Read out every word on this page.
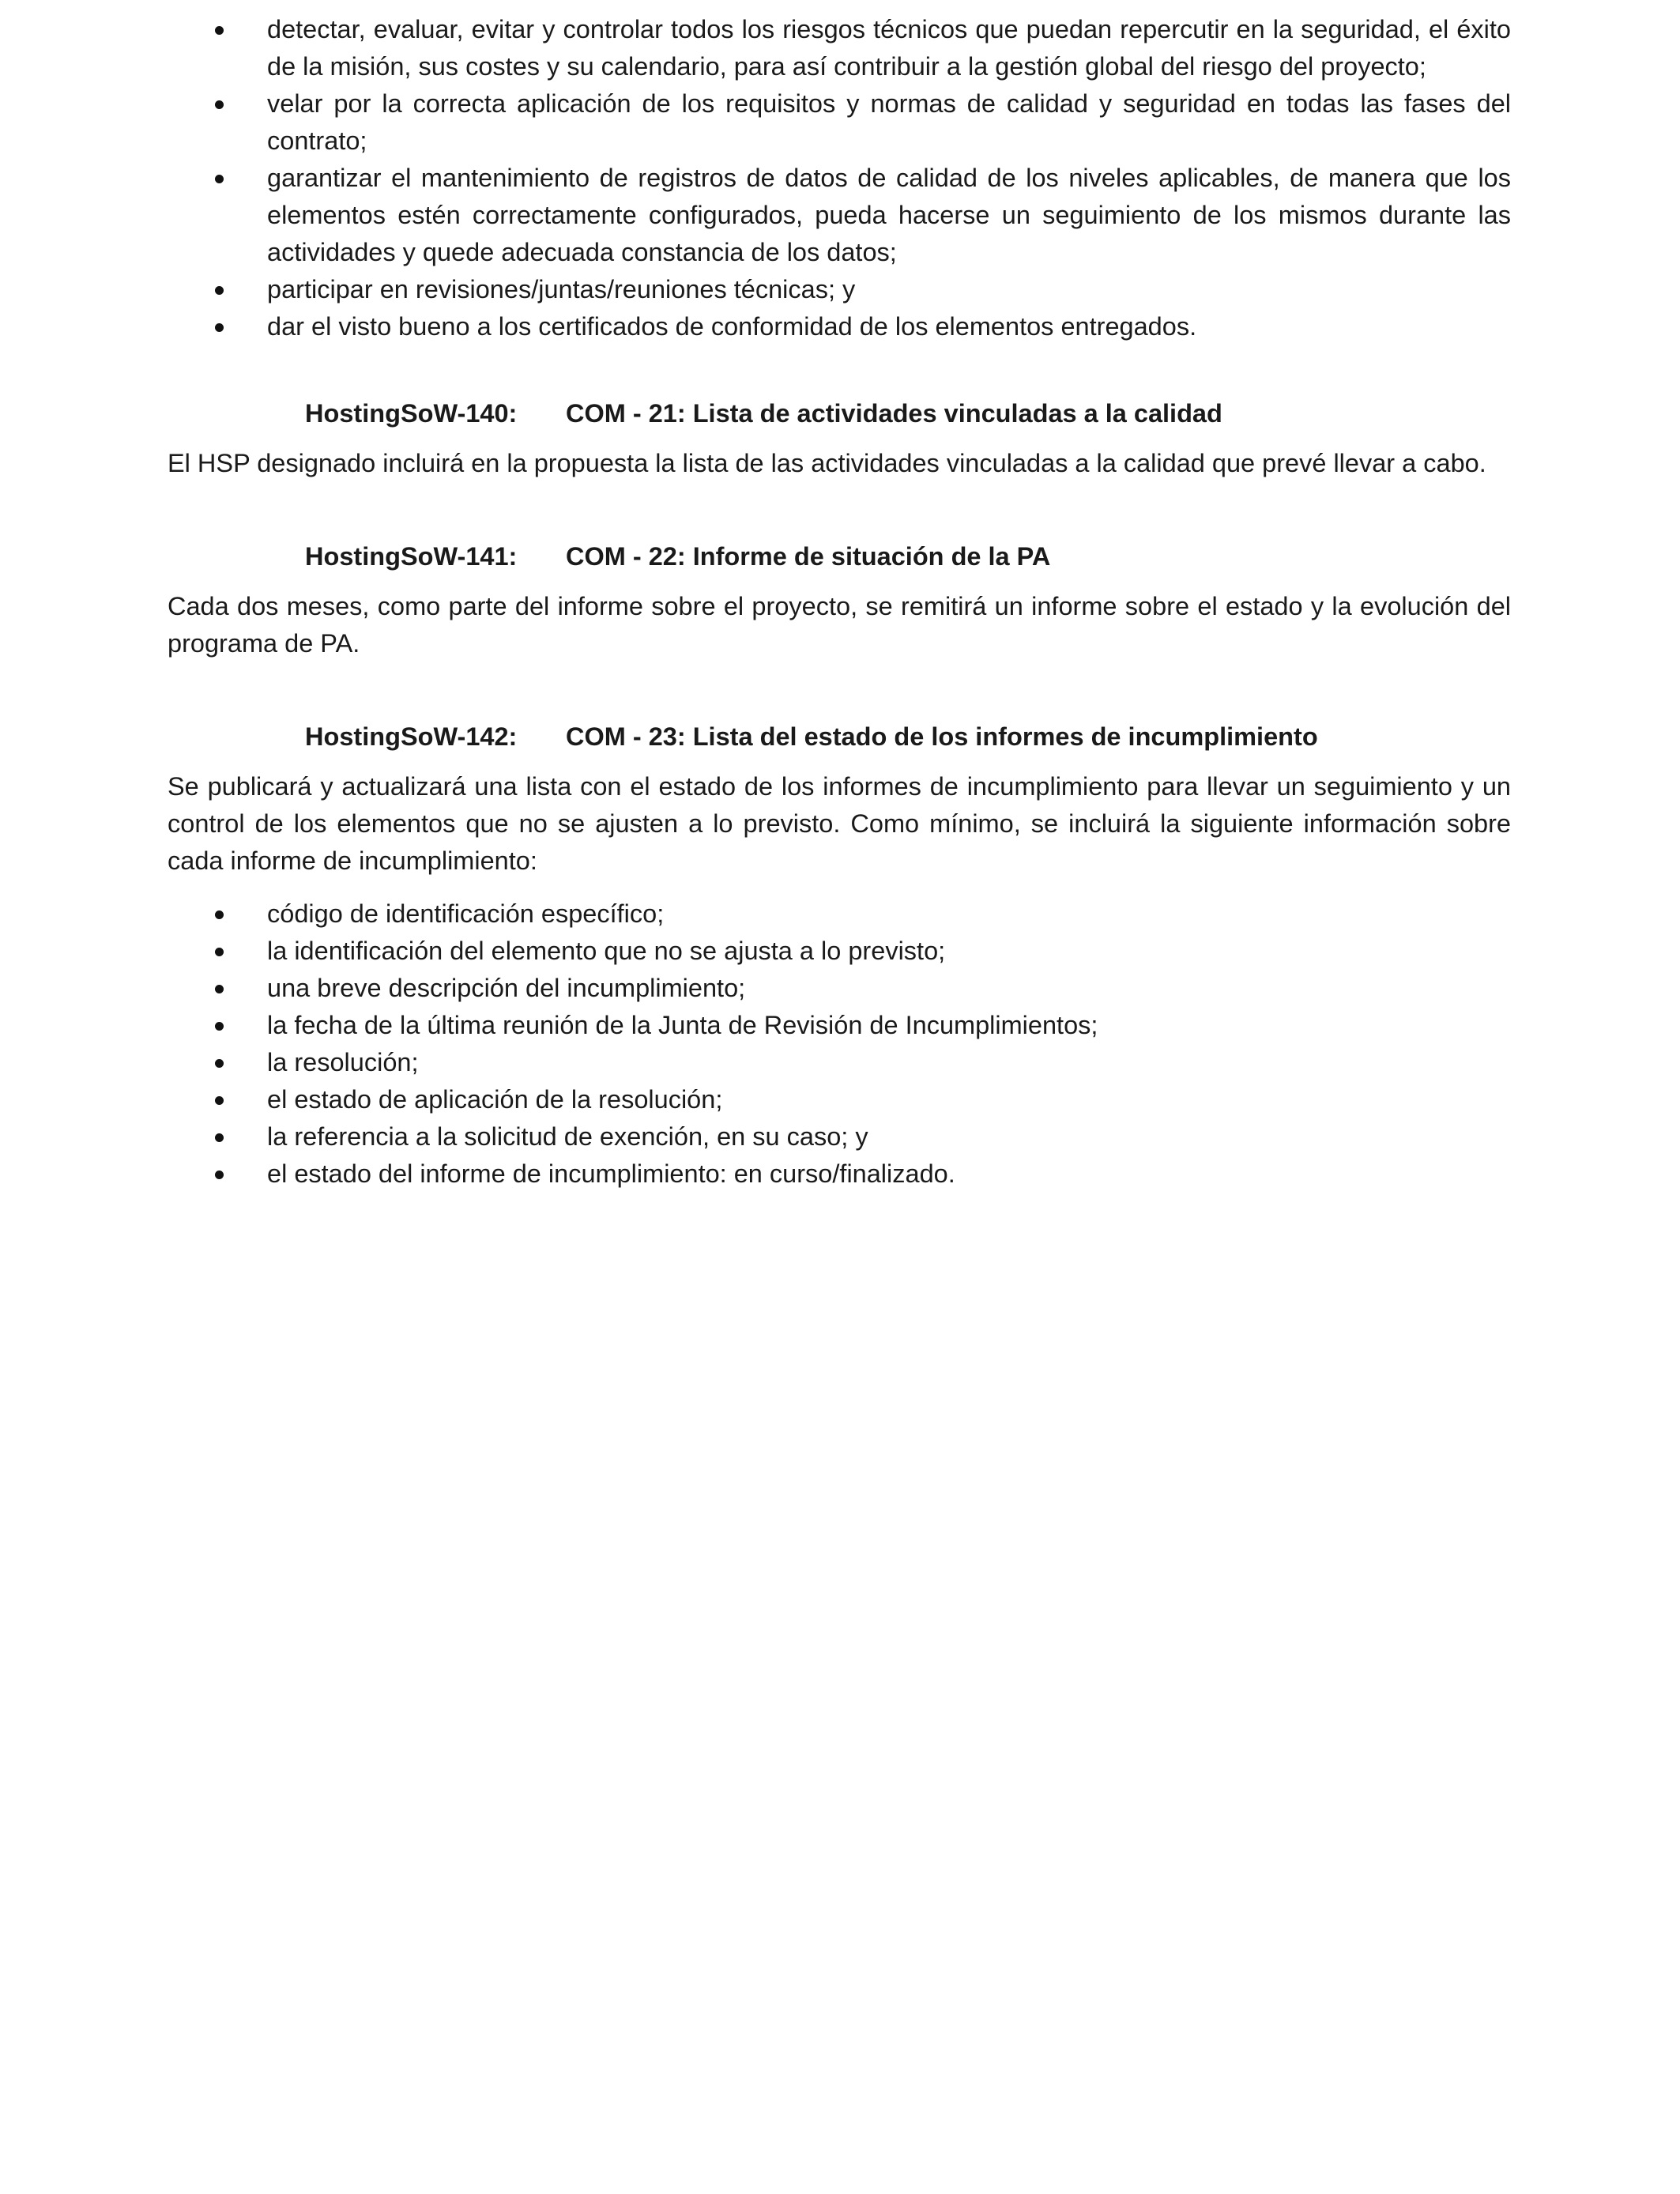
detectar, evaluar, evitar y controlar todos los riesgos técnicos que puedan repercutir en la seguridad, el éxito de la misión, sus costes y su calendario, para así contribuir a la gestión global del riesgo del proyecto;
velar por la correcta aplicación de los requisitos y normas de calidad y seguridad en todas las fases del contrato;
garantizar el mantenimiento de registros de datos de calidad de los niveles aplicables, de manera que los elementos estén correctamente configurados, pueda hacerse un seguimiento de los mismos durante las actividades y quede adecuada constancia de los datos;
participar en revisiones/juntas/reuniones técnicas; y
dar el visto bueno a los certificados de conformidad de los elementos entregados.
HostingSoW-140: COM - 21: Lista de actividades vinculadas a la calidad

El HSP designado incluirá en la propuesta la lista de las actividades vinculadas a la calidad que prevé llevar a cabo.

HostingSoW-141: COM - 22: Informe de situación de la PA

Cada dos meses, como parte del informe sobre el proyecto, se remitirá un informe sobre el estado y la evolución del programa de PA.

HostingSoW-142: COM - 23: Lista del estado de los informes de incumplimiento

Se publicará y actualizará una lista con el estado de los informes de incumplimiento para llevar un seguimiento y un control de los elementos que no se ajusten a lo previsto. Como mínimo, se incluirá la siguiente información sobre cada informe de incumplimiento:

código de identificación específico;
la identificación del elemento que no se ajusta a lo previsto;
una breve descripción del incumplimiento;
la fecha de la última reunión de la Junta de Revisión de Incumplimientos;
la resolución;
el estado de aplicación de la resolución;
la referencia a la solicitud de exención, en su caso; y
el estado del informe de incumplimiento: en curso/finalizado.
